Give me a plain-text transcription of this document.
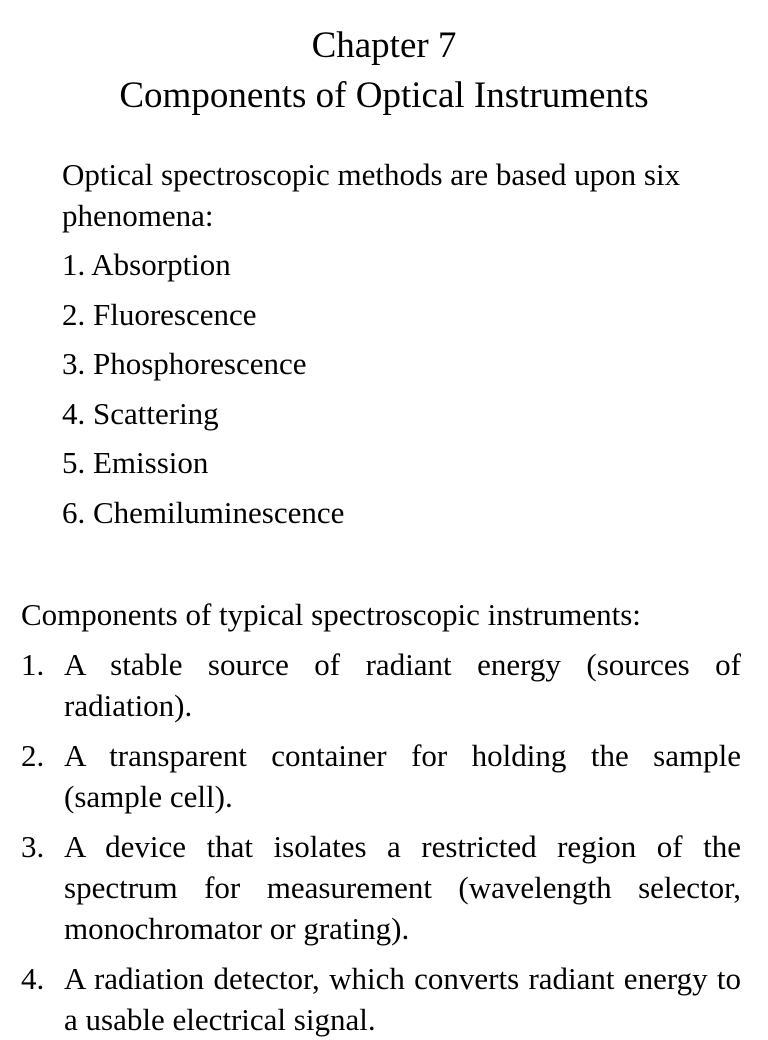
Chapter 7
Components of Optical Instruments

Optical spectroscopic methods are based upon six phenomena:

1. Absorption
2. Fluorescence
3. Phosphorescence
4. Scattering
5. Emission
6. Chemiluminescence

Components of typical spectroscopic instruments:

1. A stable source of radiant energy (sources of radiation).
2. A transparent container for holding the sample (sample cell).
3. A device that isolates a restricted region of the spectrum for measurement (wavelength selector, monochromator or grating).
4. A radiation detector, which converts radiant energy to a usable electrical signal.
